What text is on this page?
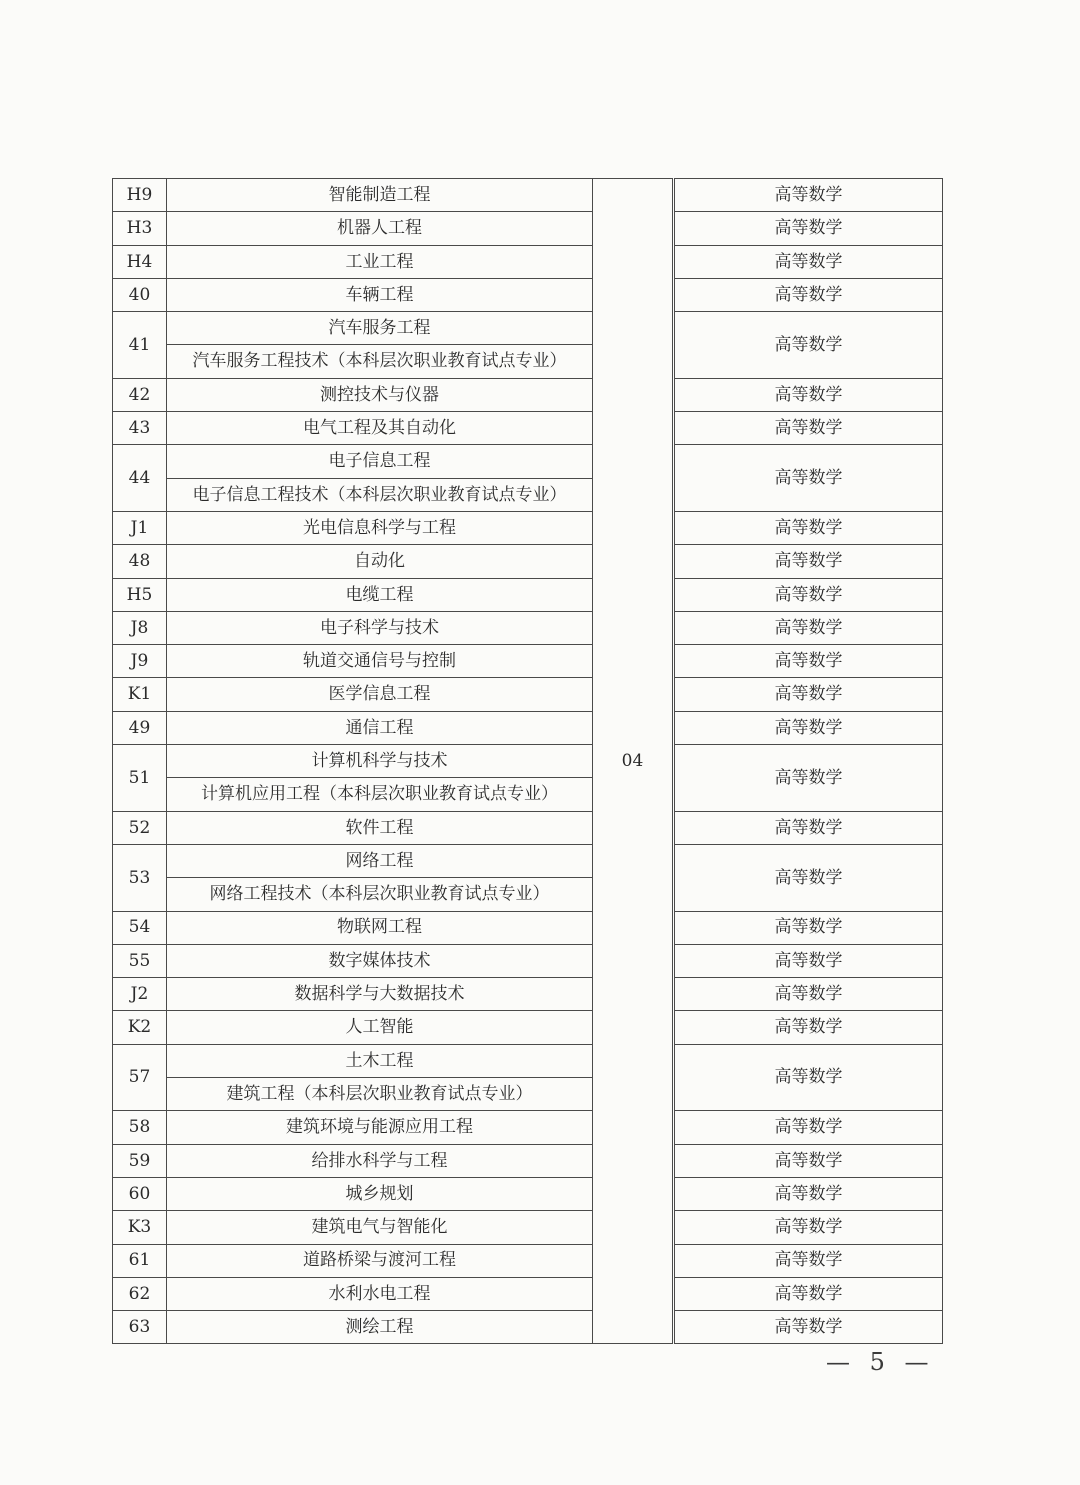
H9	智能制造工程	04		高等数学
H3	机器人工程			高等数学
H4	工业工程			高等数学
40	车辆工程			高等数学
41	汽车服务工程			高等数学
	汽车服务工程技术（本科层次职业教育试点专业）			
42	测控技术与仪器			高等数学
43	电气工程及其自动化			高等数学
44	电子信息工程			高等数学
	电子信息工程技术（本科层次职业教育试点专业）			
J1	光电信息科学与工程			高等数学
48	自动化			高等数学
H5	电缆工程			高等数学
J8	电子科学与技术			高等数学
J9	轨道交通信号与控制			高等数学
K1	医学信息工程			高等数学
49	通信工程			高等数学
51	计算机科学与技术			高等数学
	计算机应用工程（本科层次职业教育试点专业）			
52	软件工程			高等数学
53	网络工程			高等数学
	网络工程技术（本科层次职业教育试点专业）			
54	物联网工程			高等数学
55	数字媒体技术			高等数学
J2	数据科学与大数据技术			高等数学
K2	人工智能			高等数学
57	土木工程			高等数学
	建筑工程（本科层次职业教育试点专业）			
58	建筑环境与能源应用工程			高等数学
59	给排水科学与工程			高等数学
60	城乡规划			高等数学
K3	建筑电气与智能化			高等数学
61	道路桥梁与渡河工程			高等数学
62	水利水电工程			高等数学
63	测绘工程			高等数学
— 5 —
